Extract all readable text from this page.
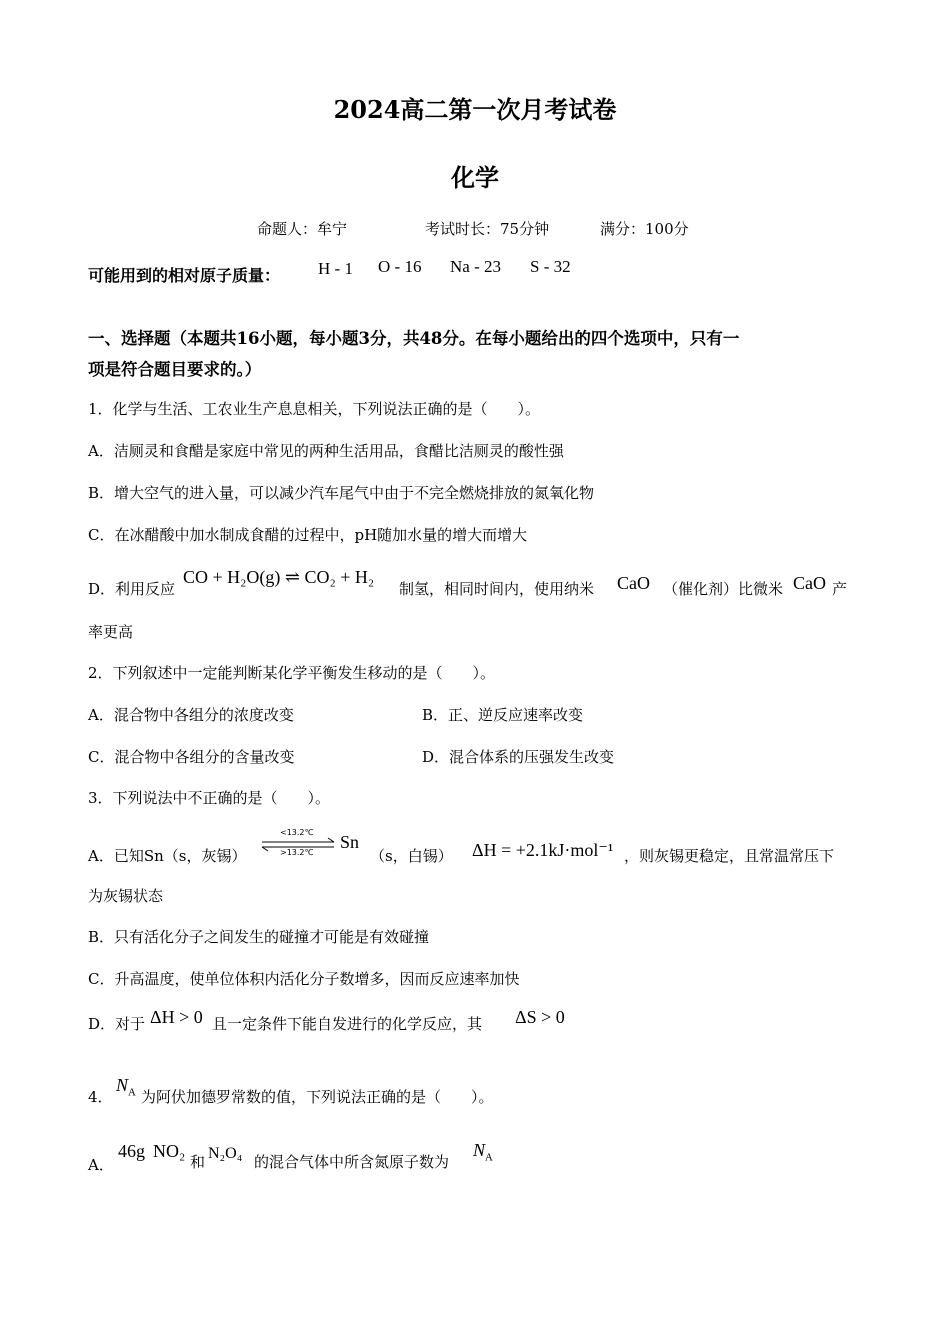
2024高二第一次月考试卷
化学
命题人：牟宁	考试时长：75分钟	满分：100分
可能用到的相对原子质量： H - 1 O - 16 Na - 23 S - 32
一、选择题（本题共16小题，每小题3分，共48分。在每小题给出的四个选项中，只有一
项是符合题目要求的。）
1．化学与生活、工农业生产息息相关，下列说法正确的是（　　）。
A．洁厕灵和食醋是家庭中常见的两种生活用品，食醋比洁厕灵的酸性强
B．增大空气的进入量，可以减少汽车尾气中由于不完全燃烧排放的氮氧化物
C．在冰醋酸中加水制成食醋的过程中，pH随加水量的增大而增大
D．利用反应
CO + H₂O(g) ⇌ CO₂ + H₂
制氢，相同时间内，使用纳米 CaO （催化剂）比微米 CaO 产
率更高
2．下列叙述中一定能判断某化学平衡发生移动的是（　　）。
A．混合物中各组分的浓度改变	B．正、逆反应速率改变
C．混合物中各组分的含量改变	D．混合体系的压强发生改变
3．下列说法中不正确的是（　　）。
A．已知Sn（s，灰锡）
<13.2℃
>13.2℃
Sn
（s，白锡） ΔH = +2.1kJ·mol⁻¹ ，则灰锡更稳定，且常温常压下
为灰锡状态
B．只有活化分子之间发生的碰撞才可能是有效碰撞
C．升高温度，使单位体积内活化分子数增多，因而反应速率加快
D．对于 ΔH > 0 且一定条件下能自发进行的化学反应，其 ΔS > 0
4．
$N_A$ 为阿伏加德罗常数的值，下列说法正确的是（　　）。
A．
46g NO₂
和 N₂O₄ 的混合气体中所含氮原子数为
$N_A$
